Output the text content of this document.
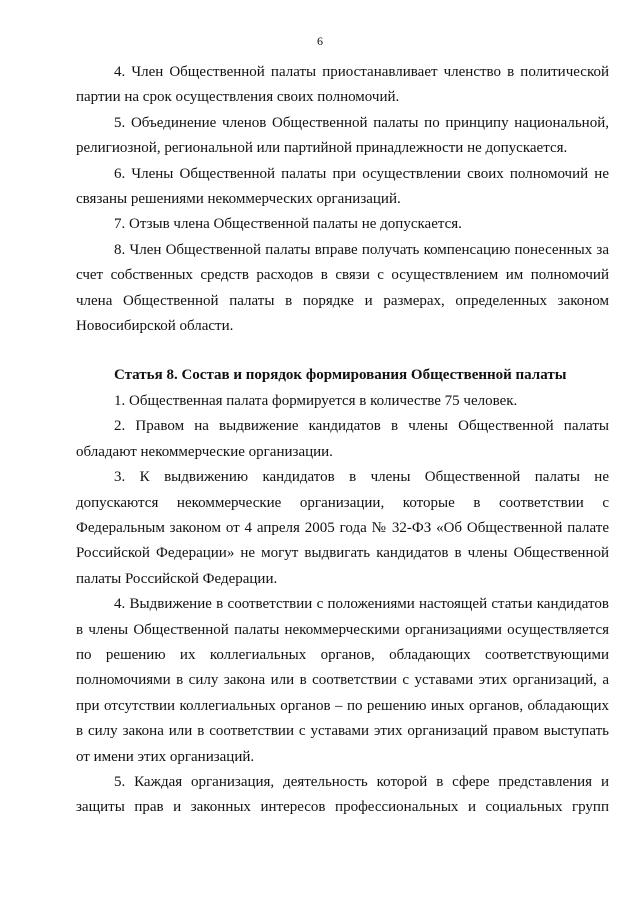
6

4. Член Общественной палаты приостанавливает членство в политической партии на срок осуществления своих полномочий.

5. Объединение членов Общественной палаты по принципу национальной, религиозной, региональной или партийной принадлежности не допускается.

6. Члены Общественной палаты при осуществлении своих полномочий не связаны решениями некоммерческих организаций.

7. Отзыв члена Общественной палаты не допускается.

8. Член Общественной палаты вправе получать компенсацию понесенных за счет собственных средств расходов в связи с осуществлением им полномочий члена Общественной палаты в порядке и размерах, определенных законом Новосибирской области.

Статья 8. Состав и порядок формирования Общественной палаты

1. Общественная палата формируется в количестве 75 человек.

2. Правом на выдвижение кандидатов в члены Общественной палаты обладают некоммерческие организации.

3. К выдвижению кандидатов в члены Общественной палаты не допускаются некоммерческие организации, которые в соответствии с Федеральным законом от 4 апреля 2005 года № 32-ФЗ «Об Общественной палате Российской Федерации» не могут выдвигать кандидатов в члены Общественной палаты Российской Федерации.

4. Выдвижение в соответствии с положениями настоящей статьи кандидатов в члены Общественной палаты некоммерческими организациями осуществляется по решению их коллегиальных органов, обладающих соответствующими полномочиями в силу закона или в соответствии с уставами этих организаций, а при отсутствии коллегиальных органов – по решению иных органов, обладающих в силу закона или в соответствии с уставами этих организаций правом выступать от имени этих организаций.

5. Каждая организация, деятельность которой в сфере представления и защиты прав и законных интересов профессиональных и социальных групп
